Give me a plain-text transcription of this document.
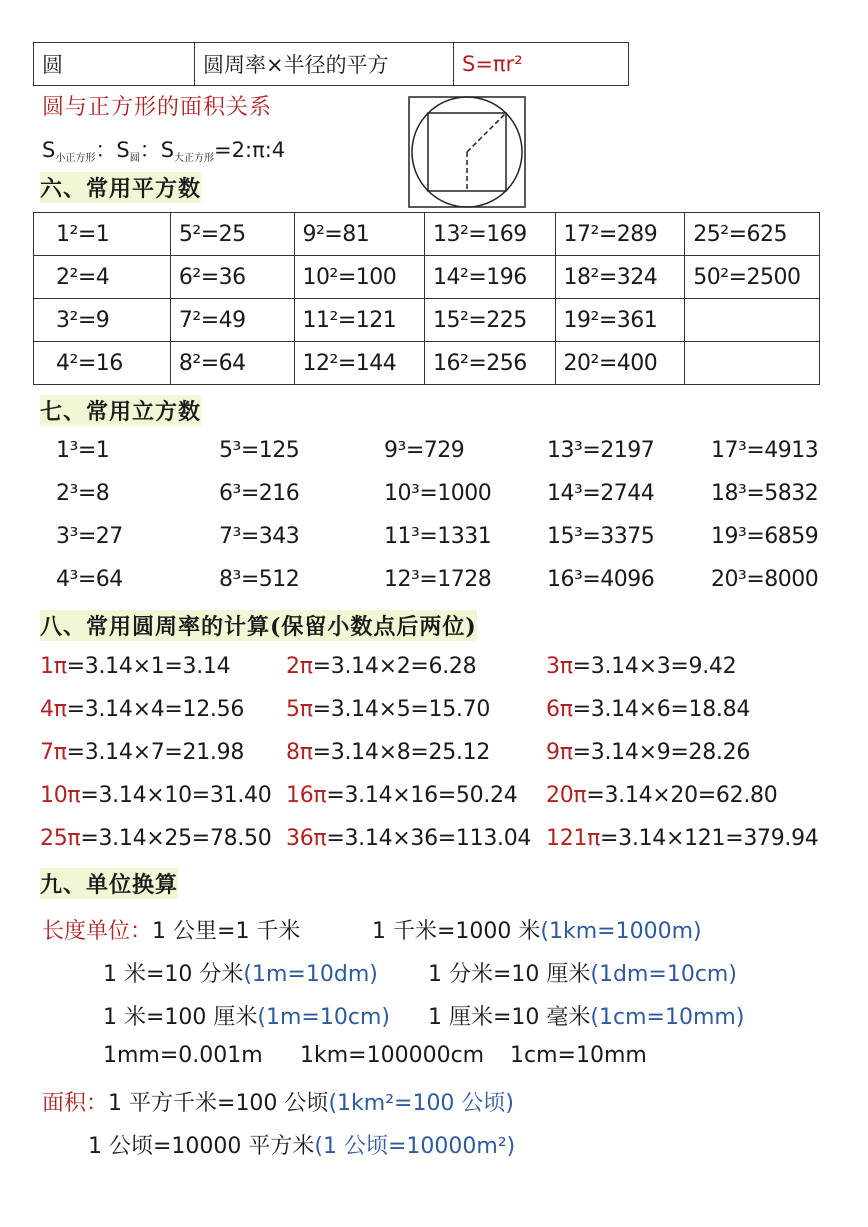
圆	圆周率×半径的平方	S=πr²
圆与正方形的面积关系
$S_{小正方形}$：$S_圆$：$S_{大正方形}=2:\pi:4$
六、常用平方数
1²=1	5²=25	9²=81	13²=169	17²=289	25²=625
2²=4	6²=36	10²=100	14²=196	18²=324	50²=2500
3²=9	7²=49	11²=121	15²=225	19²=361	
4²=16	8²=64	12²=144	16²=256	20²=400	
七、常用立方数
1³=1	5³=125	9³=729	13³=2197	17³=4913
2³=8	6³=216	10³=1000	14³=2744	18³=5832
3³=27	7³=343	11³=1331	15³=3375	19³=6859
4³=64	8³=512	12³=1728	16³=4096	20³=8000
八、常用圆周率的计算(保留小数点后两位)
1π=3.14×1=3.14	2π=3.14×2=6.28	3π=3.14×3=9.42
4π=3.14×4=12.56 5π=3.14×5=15.70	6π=3.14×6=18.84
7π=3.14×7=21.98 8π=3.14×8=25.12	9π=3.14×9=28.26
10π=3.14×10=31.40 16π=3.14×16=50.24 20π=3.14×20=62.80
25π=3.14×25=78.50 36π=3.14×36=113.04 121π=3.14×121=379.94
九、单位换算
长度单位：1 公里=1 千米	1 千米=1000 米(1km=1000m)
1 米=10 分米(1m=10dm) 1 分米=10 厘米(1dm=10cm)
1 米=100 厘米(1m=10cm) 1 厘米=10 毫米(1cm=10mm)
1mm=0.001m 1km=100000cm 1cm=10mm
面积：1 平方千米=100 公顷(1km²=100 公顷)
1 公顷=10000 平方米(1 公顷=10000m²)
